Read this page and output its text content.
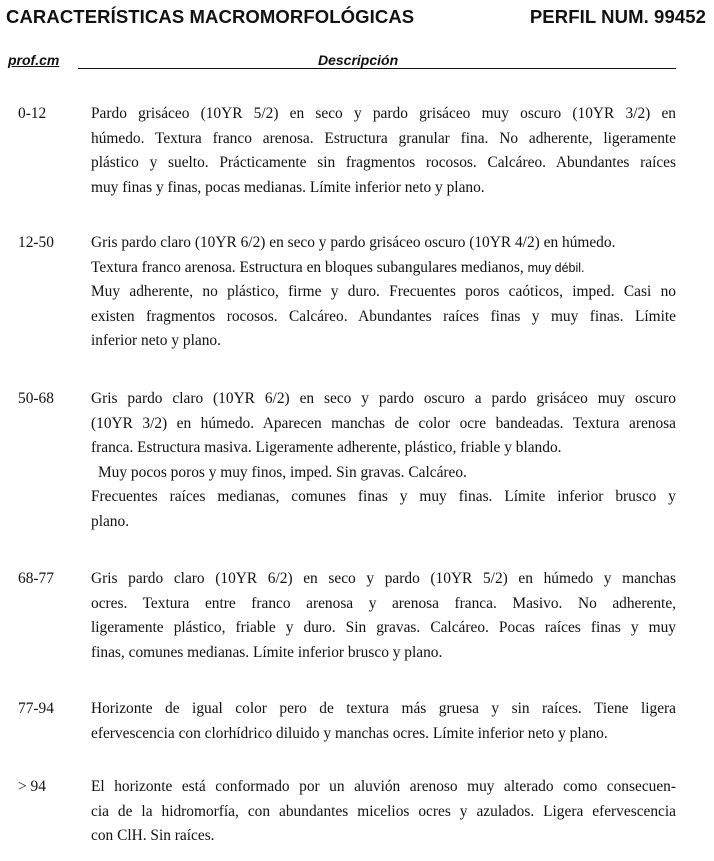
CARACTERÍSTICAS MACROMORFOLÓGICAS	PERFIL NUM. 99452
prof.cm	Descripción
0-12	Pardo grisáceo (10YR 5/2) en seco y pardo grisáceo muy oscuro (10YR 3/2) en
húmedo. Textura franco arenosa. Estructura granular fina. No adherente, ligeramente
plástico y suelto. Prácticamente sin fragmentos rocosos. Calcáreo. Abundantes raíces
muy finas y finas, pocas medianas. Límite inferior neto y plano.
12-50 Gris pardo claro (10YR 6/2) en seco y pardo grisáceo oscuro (10YR 4/2) en húmedo.
Textura franco arenosa. Estructura en bloques subangulares medianos, muy débil.
Muy adherente, no plástico, firme y duro. Frecuentes poros caóticos, imped. Casi no
existen fragmentos rocosos. Calcáreo. Abundantes raíces finas y muy finas. Límite
inferior neto y plano.
50-68 Gris pardo claro (10YR 6/2) en seco y pardo oscuro a pardo grisáceo muy oscuro
(10YR 3/2) en húmedo. Aparecen manchas de color ocre bandeadas. Textura arenosa
franca. Estructura masiva. Ligeramente adherente, plástico, friable y blando.
Muy pocos poros y muy finos, imped. Sin gravas. Calcáreo.
Frecuentes raíces medianas, comunes finas y muy finas. Límite inferior brusco y
plano.
68-77 Gris pardo claro (10YR 6/2) en seco y pardo (10YR 5/2) en húmedo y manchas
ocres. Textura entre franco arenosa y arenosa franca. Masivo. No adherente,
ligeramente plástico, friable y duro. Sin gravas. Calcáreo. Pocas raíces finas y muy
finas, comunes medianas. Límite inferior brusco y plano.
77-94 Horizonte de igual color pero de textura más gruesa y sin raíces. Tiene ligera
efervescencia con clorhídrico diluido y manchas ocres. Límite inferior neto y plano.
> 94	El horizonte está conformado por un aluvión arenoso muy alterado como consecuen-
cia de la hidromorfía, con abundantes micelios ocres y azulados. Ligera efervescencia
con ClH. Sin raíces.
